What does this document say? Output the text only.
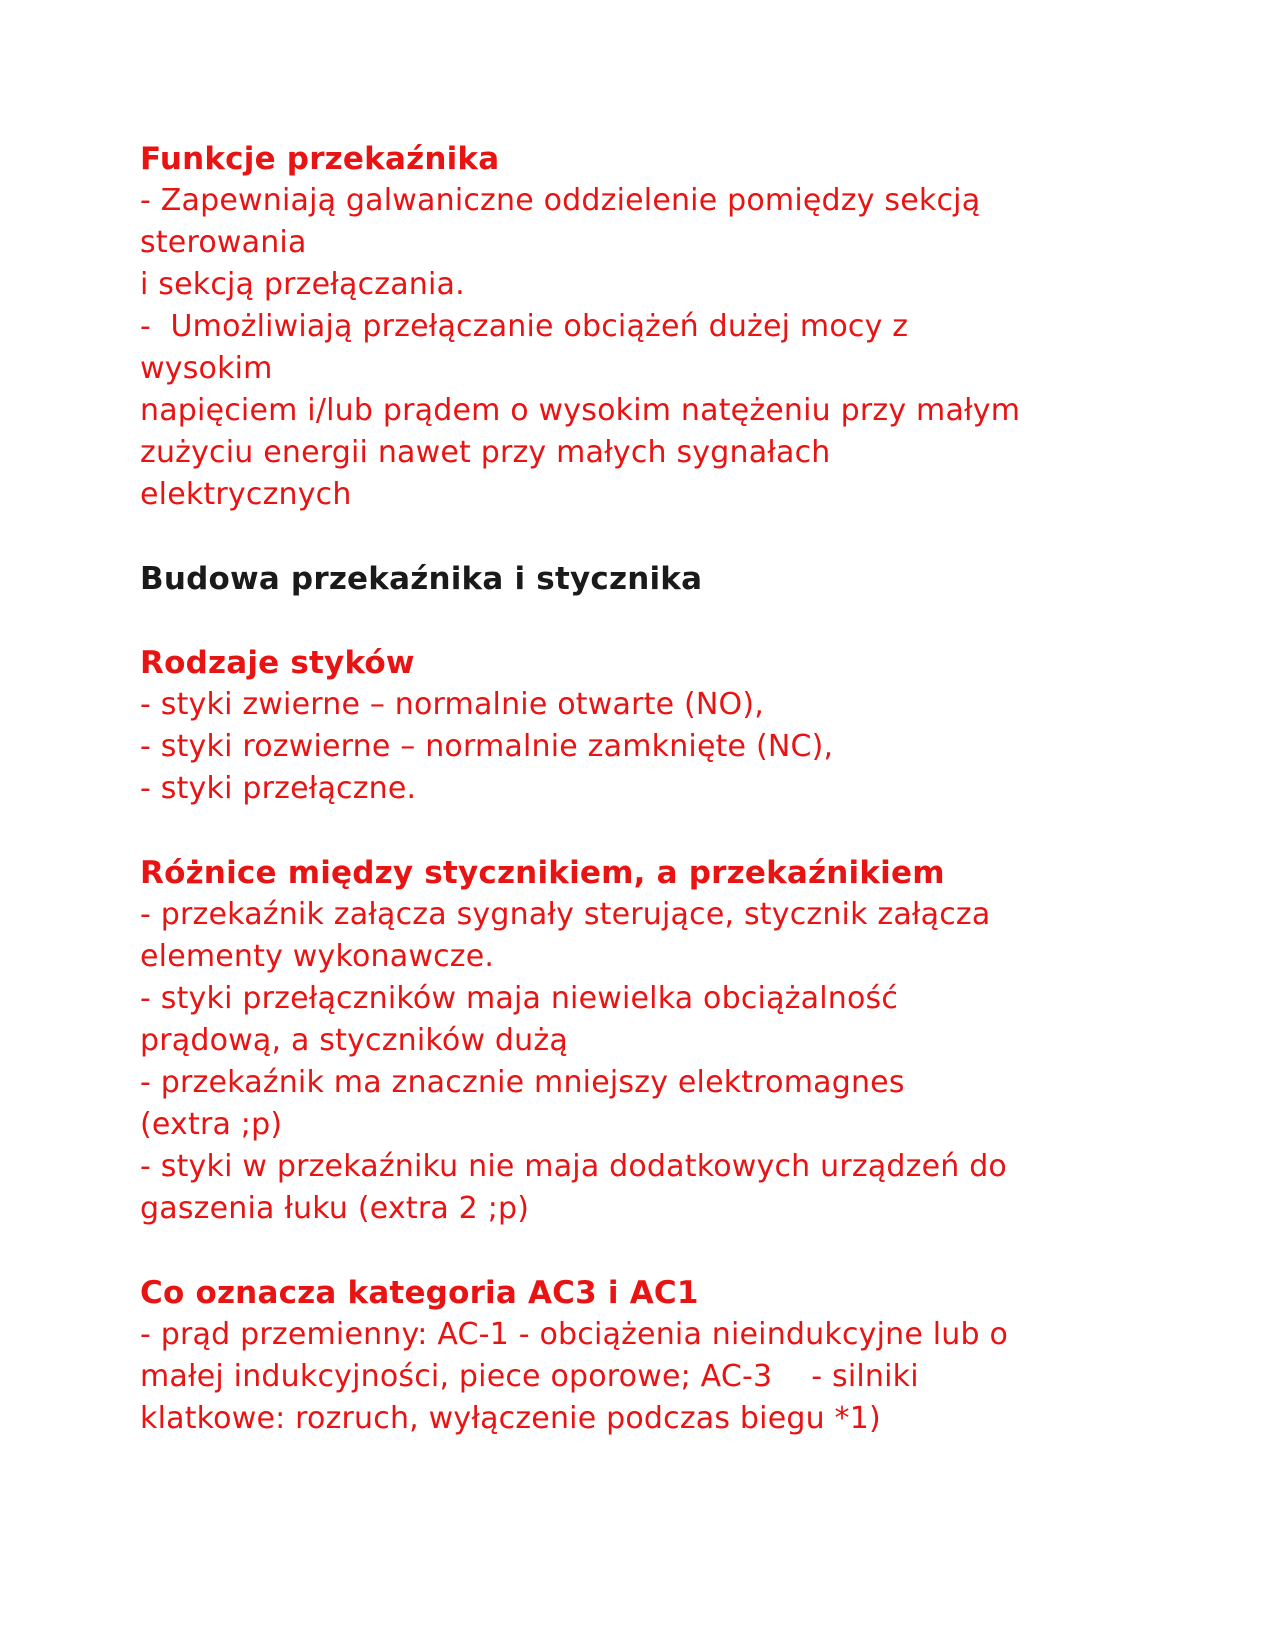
Funkcje przekaźnika
- Zapewniają galwaniczne oddzielenie pomiędzy sekcją
sterowania
i sekcją przełączania.
-  Umożliwiają przełączanie obciążeń dużej mocy z
wysokim
napięciem i/lub prądem o wysokim natężeniu przy małym
zużyciu energii nawet przy małych sygnałach
elektrycznych
Budowa przekaźnika i stycznika
Rodzaje styków
- styki zwierne – normalnie otwarte (NO),
- styki rozwierne – normalnie zamknięte (NC),
- styki przełączne.
Różnice między stycznikiem, a przekaźnikiem
- przekaźnik załącza sygnały sterujące, stycznik załącza
elementy wykonawcze.
- styki przełączników maja niewielka obciążalność
prądową, a styczników dużą
- przekaźnik ma znacznie mniejszy elektromagnes
(extra ;p)
- styki w przekaźniku nie maja dodatkowych urządzeń do
gaszenia łuku (extra 2 ;p)
Co oznacza kategoria AC3 i AC1
- prąd przemienny: AC-1 - obciążenia nieindukcyjne lub o
małej indukcyjności, piece oporowe; AC-3    - silniki
klatkowe: rozruch, wyłączenie podczas biegu *1)
